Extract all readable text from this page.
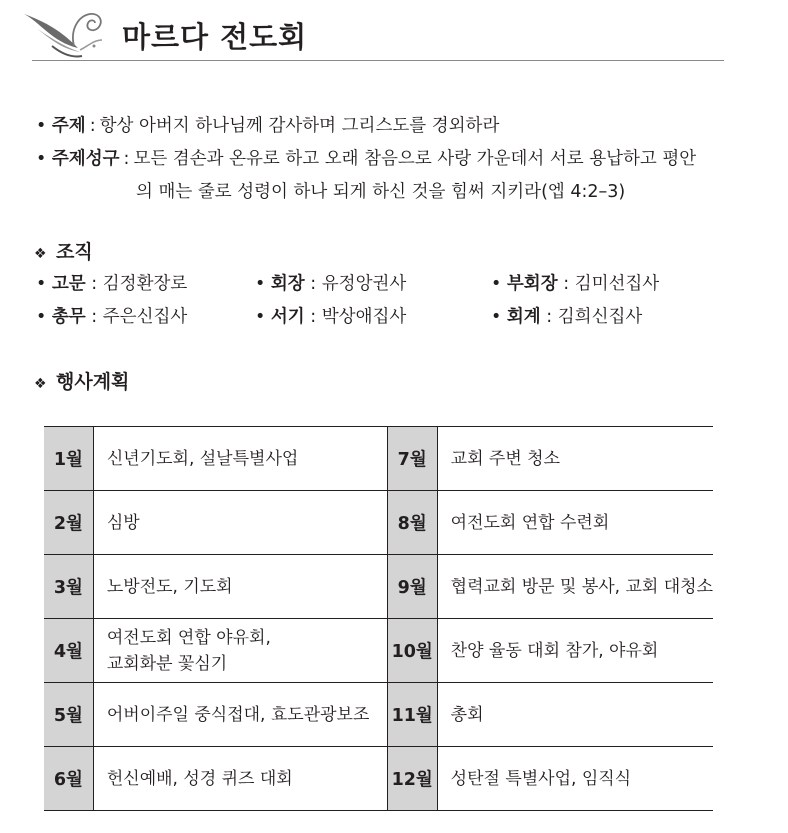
마르다 전도회
•
주제 : 항상 아버지 하나님께 감사하며 그리스도를 경외하라
•
주제성구 : 모든 겸손과 온유로 하고 오래 참음으로 사랑 가운데서 서로 용납하고 평안
의 매는 줄로 성령이 하나 되게 하신 것을 힘써 지키라(엡 4:2–3)
❖ 조직
• 고문 : 김정환장로	• 회장 : 유정앙권사	• 부회장 : 김미선집사
• 총무 : 주은신집사	• 서기 : 박상애집사	• 회계 : 김희신집사
❖ 행사계획
1월	신년기도회, 설날특별사업	7월	교회 주변 청소

2월	심방	8월	여전도회 연합 수련회

3월	노방전도, 기도회	9월	협력교회 방문 및 봉사, 교회 대청소

4월	여전도회 연합 야유회,
교회화분 꽃심기	10월	찬양 율동 대회 참가, 야유회

5월	어버이주일 중식접대, 효도관광보조	11월	총회

6월	헌신예배, 성경 퀴즈 대회	12월	성탄절 특별사업, 임직식
